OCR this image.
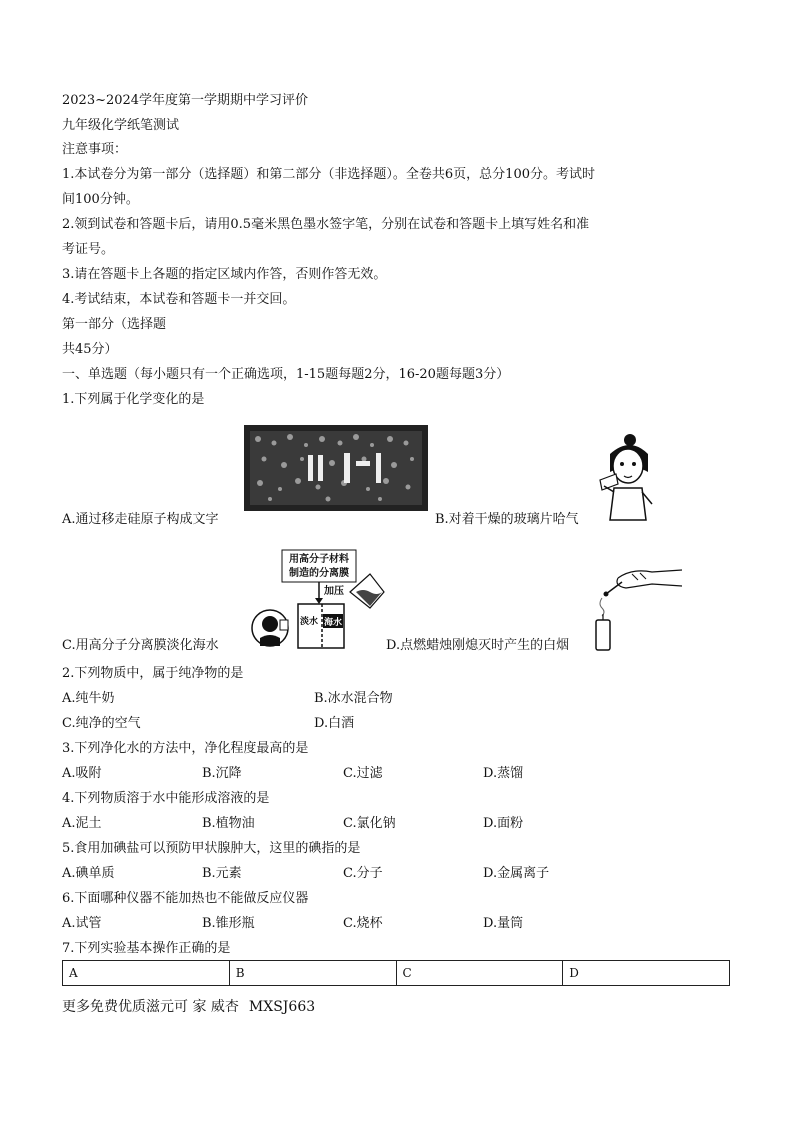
2023~2024学年度第一学期期中学习评价
九年级化学纸笔测试
注意事项：
1.本试卷分为第一部分（选择题）和第二部分（非选择题）。全卷共6页，总分100分。考试时
间100分钟。
2.领到试卷和答题卡后，请用0.5毫米黑色墨水签字笔，分别在试卷和答题卡上填写姓名和准
考证号。
3.请在答题卡上各题的指定区域内作答，否则作答无效。
4.考试结束，本试卷和答题卡一并交回。
第一部分（选择题
共45分）
一、单选题（每小题只有一个正确选项，1-15题每题2分，16-20题每题3分）
1.下列属于化学变化的是
A.通过移走硅原子构成文字	B.对着干燥的玻璃片哈气
用高分子材料
制造的分离膜
加压
淡水 海水
C.用高分子分离膜淡化海水	D.点燃蜡烛刚熄灭时产生的白烟
2.下列物质中，属于纯净物的是
A.纯牛奶	B.冰水混合物
C.纯净的空气	D.白酒
3.下列净化水的方法中，净化程度最高的是
A.吸附	B.沉降	C.过滤	D.蒸馏
4.下列物质溶于水中能形成溶液的是
A.泥土	B.植物油	C.氯化钠	D.面粉
5.食用加碘盐可以预防甲状腺肿大，这里的碘指的是
A.碘单质	B.元素	C.分子	D.金属离子
6.下面哪种仪器不能加热也不能做反应仪器
A.试管	B.锥形瓶	C.烧杯	D.量筒
7.下列实验基本操作正确的是
A	B	C	D
更多免费优质滋元可 家 威杏 MXSJ663
